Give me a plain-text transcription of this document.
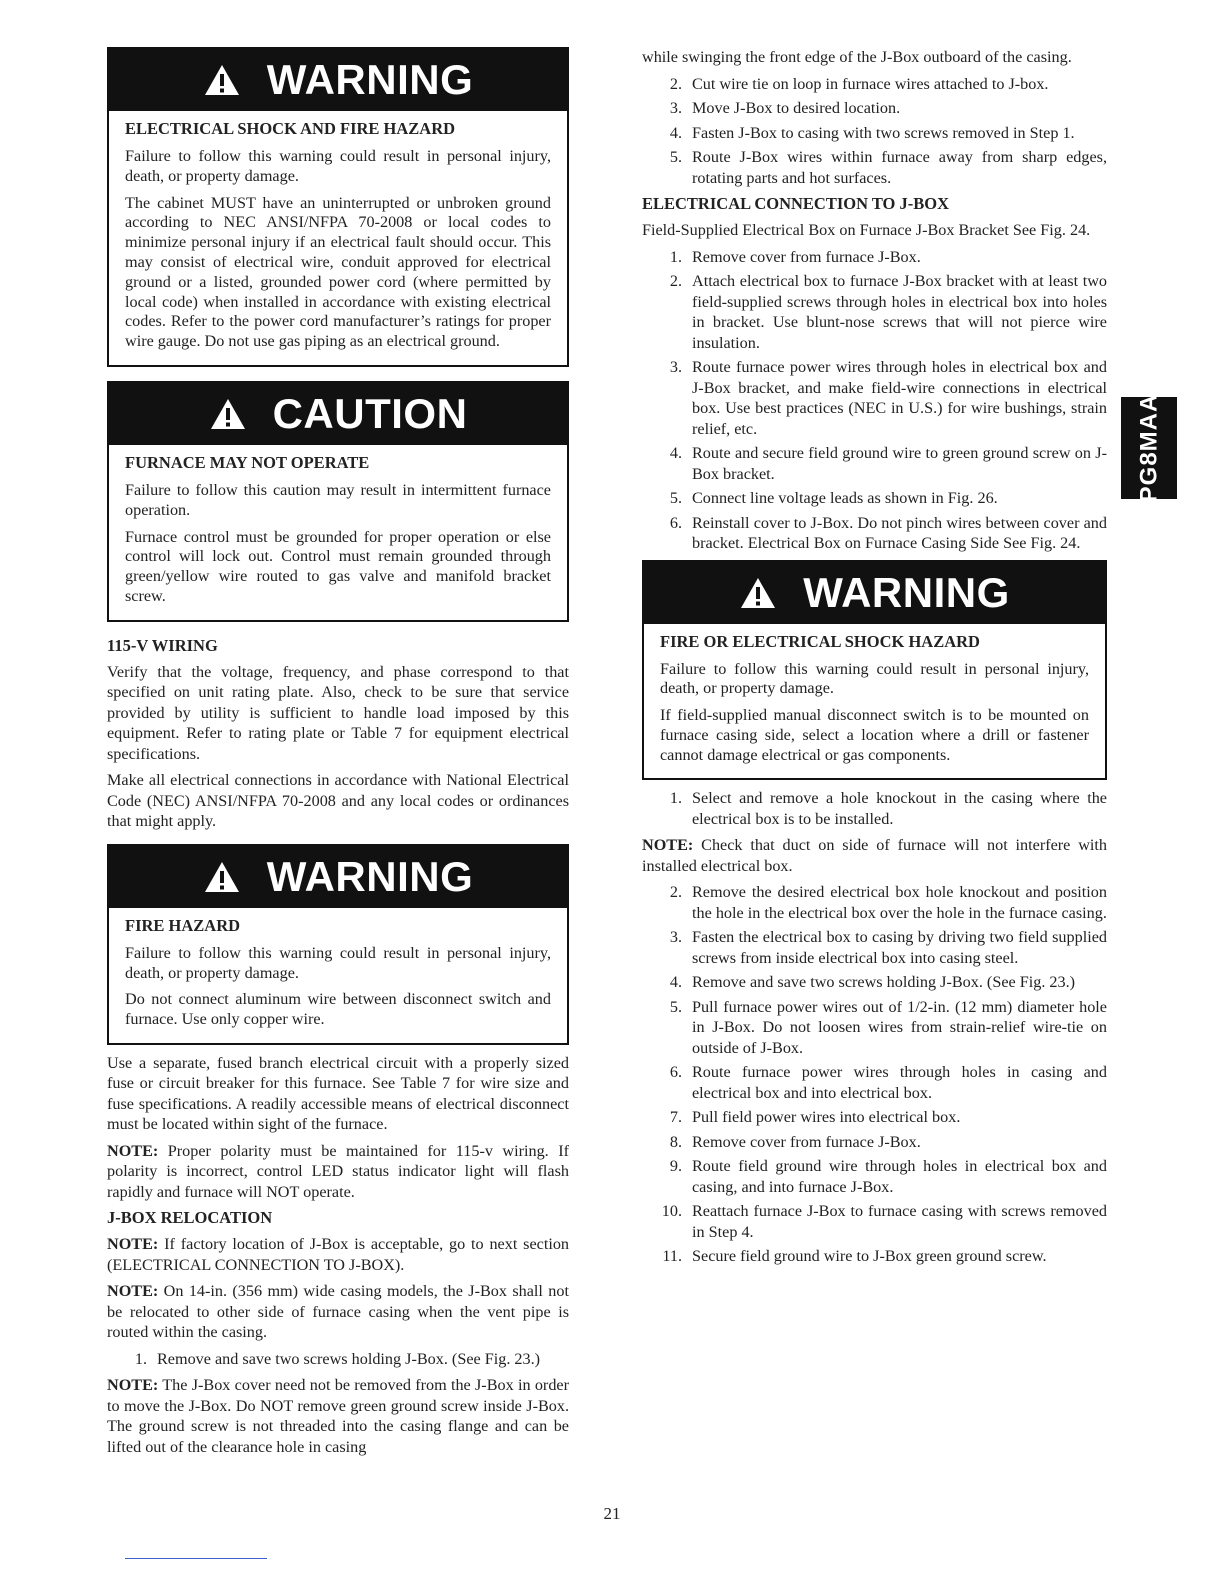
WARNING
ELECTRICAL SHOCK AND FIRE HAZARD

Failure to follow this warning could result in personal injury, death, or property damage.

The cabinet MUST have an uninterrupted or unbroken ground according to NEC ANSI/NFPA 70-2008 or local codes to minimize personal injury if an electrical fault should occur. This may consist of electrical wire, conduit approved for electrical ground or a listed, grounded power cord (where permitted by local code) when installed in accordance with existing electrical codes. Refer to the power cord manufacturer’s ratings for proper wire gauge. Do not use gas piping as an electrical ground.

CAUTION
FURNACE MAY NOT OPERATE

Failure to follow this caution may result in intermittent furnace operation.

Furnace control must be grounded for proper operation or else control will lock out. Control must remain grounded through green/yellow wire routed to gas valve and manifold bracket screw.

115-V WIRING

Verify that the voltage, frequency, and phase correspond to that specified on unit rating plate. Also, check to be sure that service provided by utility is sufficient to handle load imposed by this equipment. Refer to rating plate or Table 7 for equipment electrical specifications.

Make all electrical connections in accordance with National Electrical Code (NEC) ANSI/NFPA 70-2008 and any local codes or ordinances that might apply.

WARNING
FIRE HAZARD

Failure to follow this warning could result in personal injury, death, or property damage.

Do not connect aluminum wire between disconnect switch and furnace. Use only copper wire.

Use a separate, fused branch electrical circuit with a properly sized fuse or circuit breaker for this furnace. See Table 7 for wire size and fuse specifications. A readily accessible means of electrical disconnect must be located within sight of the furnace.

NOTE: Proper polarity must be maintained for 115-v wiring. If polarity is incorrect, control LED status indicator light will flash rapidly and furnace will NOT operate.

J-BOX RELOCATION

NOTE: If factory location of J-Box is acceptable, go to next section (ELECTRICAL CONNECTION TO J-BOX).

NOTE: On 14-in. (356 mm) wide casing models, the J-Box shall not be relocated to other side of furnace casing when the vent pipe is routed within the casing.

1. Remove and save two screws holding J-Box. (See Fig. 23.)

NOTE: The J-Box cover need not be removed from the J-Box in order to move the J-Box. Do NOT remove green ground screw inside J-Box. The ground screw is not threaded into the casing flange and can be lifted out of the clearance hole in casing

while swinging the front edge of the J-Box outboard of the casing.

2. Cut wire tie on loop in furnace wires attached to J-box.
3. Move J-Box to desired location.
4. Fasten J-Box to casing with two screws removed in Step 1.
5. Route J-Box wires within furnace away from sharp edges, rotating parts and hot surfaces.
ELECTRICAL CONNECTION TO J-BOX

Field-Supplied Electrical Box on Furnace J-Box Bracket See Fig. 24.

1. Remove cover from furnace J-Box.
2. Attach electrical box to furnace J-Box bracket with at least two field-supplied screws through holes in electrical box into holes in bracket. Use blunt-nose screws that will not pierce wire insulation.
3. Route furnace power wires through holes in electrical box and J-Box bracket, and make field-wire connections in electrical box. Use best practices (NEC in U.S.) for wire bushings, strain relief, etc.
4. Route and secure field ground wire to green ground screw on J-Box bracket.
5. Connect line voltage leads as shown in Fig. 26.
6. Reinstall cover to J-Box. Do not pinch wires between cover and bracket. Electrical Box on Furnace Casing Side See Fig. 24.
WARNING
FIRE OR ELECTRICAL SHOCK HAZARD

Failure to follow this warning could result in personal injury, death, or property damage.

If field-supplied manual disconnect switch is to be mounted on furnace casing side, select a location where a drill or fastener cannot damage electrical or gas components.

1. Select and remove a hole knockout in the casing where the electrical box is to be installed.

NOTE: Check that duct on side of furnace will not interfere with installed electrical box.

2. Remove the desired electrical box hole knockout and position the hole in the electrical box over the hole in the furnace casing.
3. Fasten the electrical box to casing by driving two field supplied screws from inside electrical box into casing steel.
4. Remove and save two screws holding J-Box. (See Fig. 23.)
5. Pull furnace power wires out of 1/2-in. (12 mm) diameter hole in J-Box. Do not loosen wires from strain-relief wire-tie on outside of J-Box.
6. Route furnace power wires through holes in casing and electrical box and into electrical box.
7. Pull field power wires into electrical box.
8. Remove cover from furnace J-Box.
9. Route field ground wire through holes in electrical box and casing, and into furnace J-Box.
10. Reattach furnace J-Box to furnace casing with screws removed in Step 4.
11. Secure field ground wire to J-Box green ground screw.
PG8MAA
21
